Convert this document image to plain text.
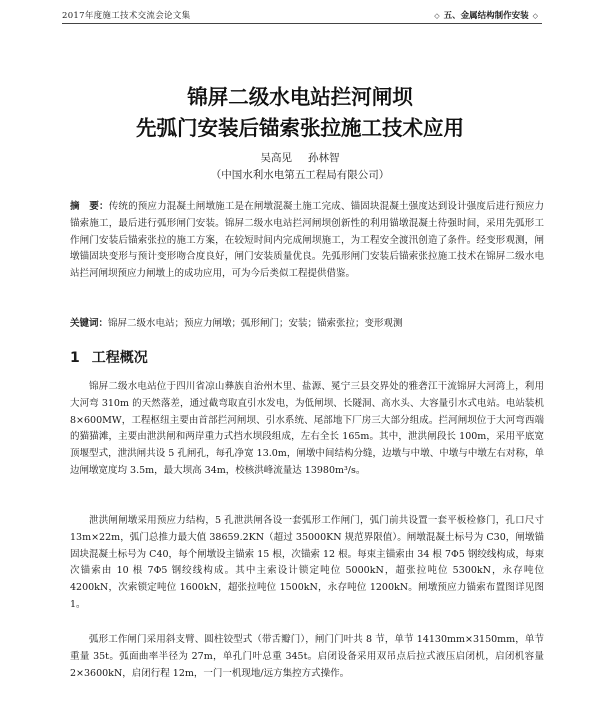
2017年度施工技术交流会论文集	◇ 五、金属结构制作安装 ◇
锦屏二级水电站拦河闸坝
先弧门安装后锚索张拉施工技术应用
吴高见 孙林智
（中国水利水电第五工程局有限公司）

摘　要：传统的预应力混凝土闸墩施工是在闸墩混凝土施工完成、锚固块混凝土强度达到设计强度后进行预应力锚索施工，最后进行弧形闸门安装。锦屏二级水电站拦河闸坝创新性的利用锚墩混凝土待强时间，采用先弧形工作闸门安装后锚索张拉的施工方案，在较短时间内完成闸坝施工，为工程安全渡汛创造了条件。经变形观测，闸墩锚固块变形与预计变形吻合度良好，闸门安装质量优良。先弧形闸门安装后锚索张拉施工技术在锦屏二级水电站拦河闸坝预应力闸墩上的成功应用，可为今后类似工程提供借鉴。

关键词：锦屏二级水电站；预应力闸墩；弧形闸门；安装；锚索张拉；变形观测

1 工程概况

锦屏二级水电站位于四川省凉山彝族自治州木里、盐源、冕宁三县交界处的雅砻江干流锦屏大河湾上，利用大河弯 310m 的天然落差，通过截弯取直引水发电，为低闸坝、长隧洞、高水头、大容量引水式电站。电站装机 8×600MW，工程枢纽主要由首部拦河闸坝、引水系统、尾部地下厂房三大部分组成。拦河闸坝位于大河弯西端的猫猫滩，主要由泄洪闸和两岸重力式挡水坝段组成，左右全长 165m。其中，泄洪闸段长 100m，采用平底宽顶堰型式，泄洪闸共设 5 孔闸孔，每孔净宽 13.0m，闸墩中间结构分缝，边墩与中墩、中墩与中墩左右对称，单边闸墩宽度均 3.5m，最大坝高 34m，校核洪峰流量达 13980m³/s。

泄洪闸闸墩采用预应力结构，5 孔泄洪闸各设一套弧形工作闸门，弧门前共设置一套平板检修门，孔口尺寸 13m×22m，弧门总推力最大值 38659.2KN（超过 35000KN 规范界限值）。闸墩混凝土标号为 C30，闸墩锚固块混凝土标号为 C40，每个闸墩设主锚索 15 根，次锚索 12 根。每束主锚索由 34 根 7Φ5 钢绞线构成，每束次锚索由 10 根 7Φ5 钢绞线构成。其中主索设计锁定吨位 5000kN，超张拉吨位 5300kN，永存吨位 4200kN，次索锁定吨位 1600kN，超张拉吨位 1500kN，永存吨位 1200kN。闸墩预应力锚索布置图详见图 1。

弧形工作闸门采用斜支臂、圆柱铰型式（带舌瓣门），闸门门叶共 8 节，单节 14130mm×3150mm，单节重量 35t。弧面曲率半径为 27m，单孔门叶总重 345t。启闭设备采用双吊点后拉式液压启闭机，启闭机容量 2×3600kN，启闭行程 12m，一门一机现地/远方集控方式操作。
